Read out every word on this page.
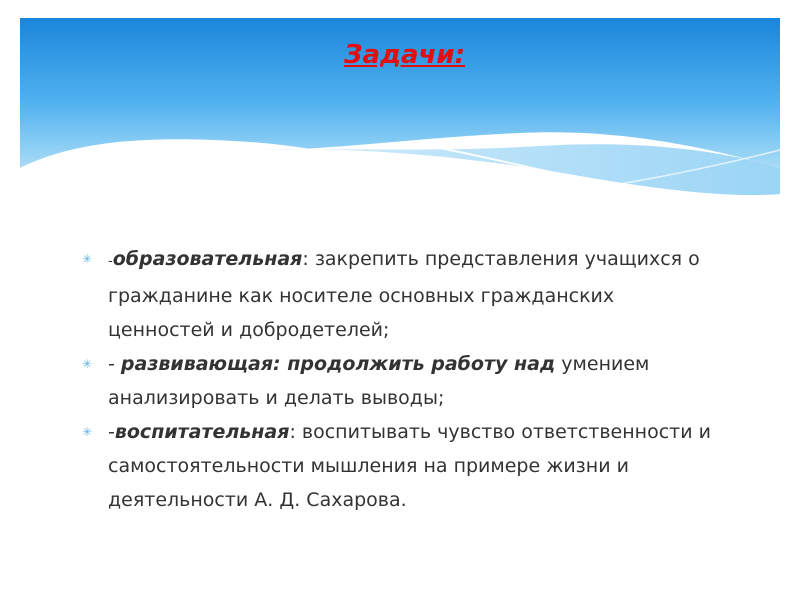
Задачи:
✳ -образовательная: закрепить представления учащихся о гражданине как носителе основных гражданских ценностей и добродетелей;
✳ - развивающая: продолжить работу над умением анализировать и делать выводы;
✳ -воспитательная: воспитывать чувство ответственности и самостоятельности мышления на примере жизни и деятельности А. Д. Сахарова.
